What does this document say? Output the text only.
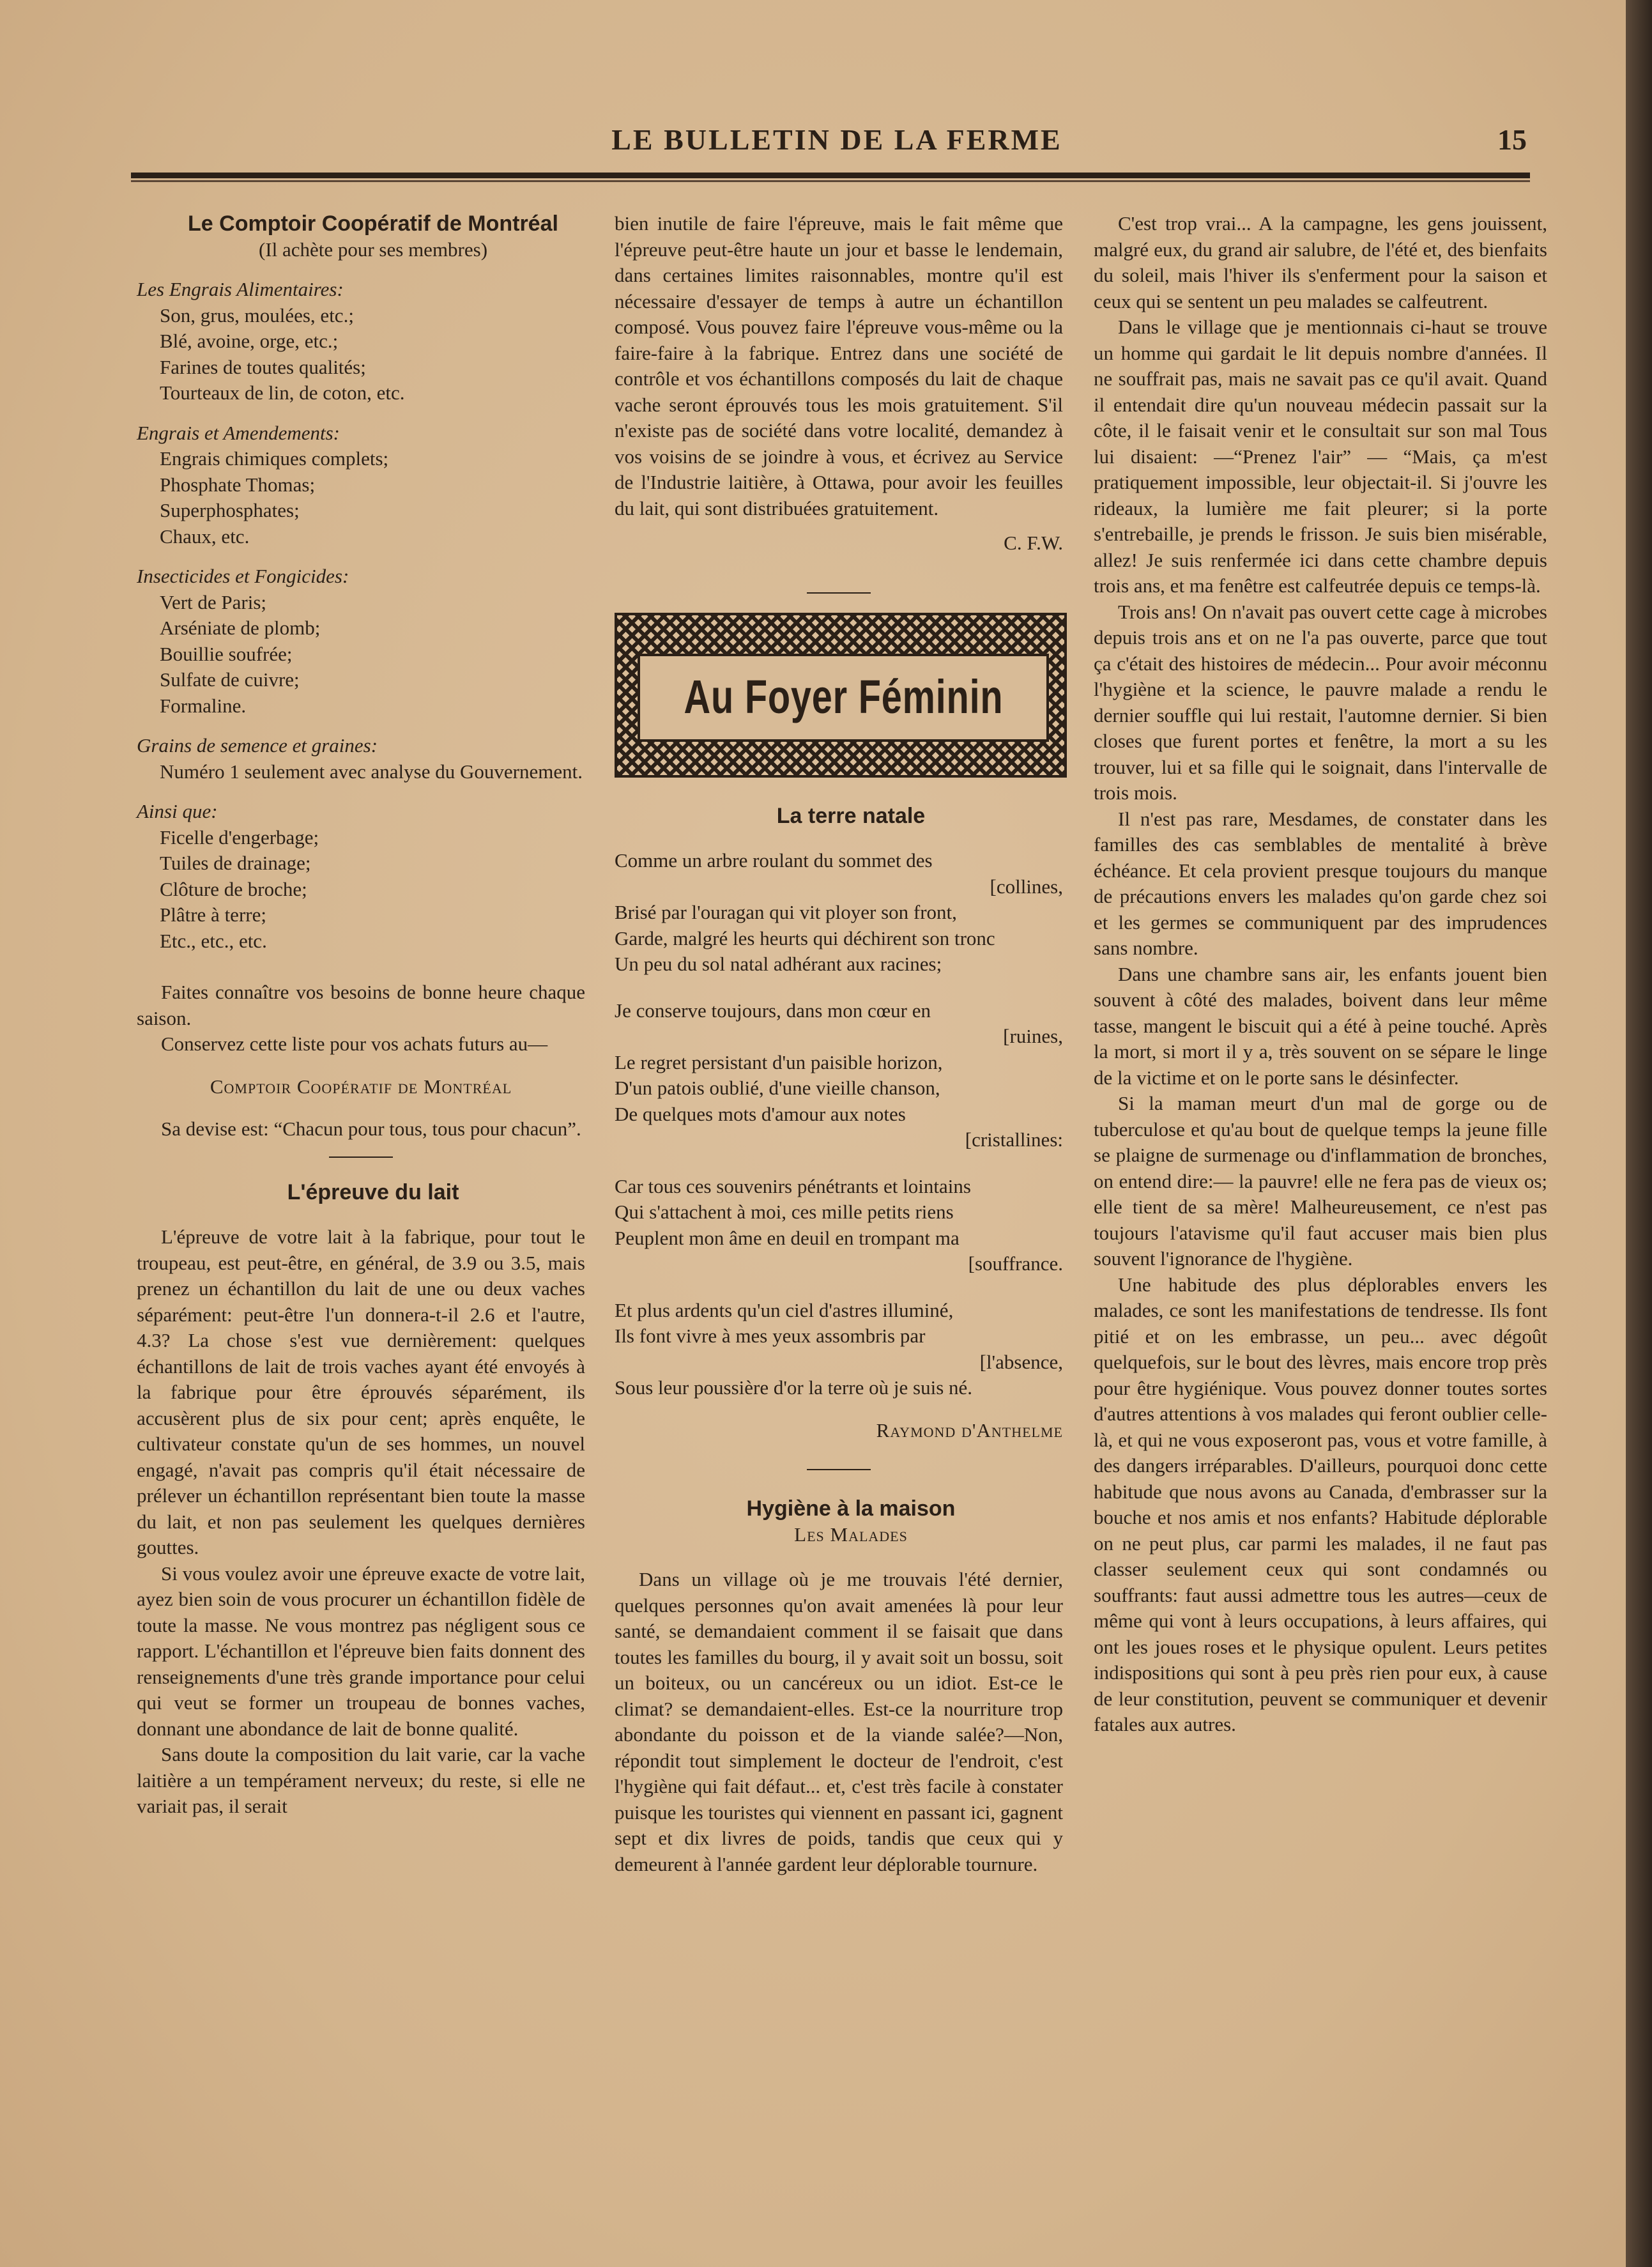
LE BULLETIN DE LA FERME	15

Le Comptoir Coopératif de Montréal

(Il achète pour ses membres)

Les Engrais Alimentaires:

Son, grus, moulées, etc.;

Blé, avoine, orge, etc.;

Farines de toutes qualités;

Tourteaux de lin, de coton, etc.

Engrais et Amendements:

Engrais chimiques complets;

Phosphate Thomas;

Superphosphates;

Chaux, etc.

Insecticides et Fongicides:

Vert de Paris;

Arséniate de plomb;

Bouillie soufrée;

Sulfate de cuivre;

Formaline.

Grains de semence et graines:

Numéro 1 seulement avec analyse du Gouvernement.

Ainsi que:

Ficelle d'engerbage;

Tuiles de drainage;

Clôture de broche;

Plâtre à terre;

Etc., etc., etc.

Faites connaître vos besoins de bonne heure chaque saison.

Conservez cette liste pour vos achats futurs au—

Comptoir Coopératif de Montréal

Sa devise est: “Chacun pour tous, tous pour chacun”.

L'épreuve du lait

L'épreuve de votre lait à la fabrique, pour tout le troupeau, est peut-être, en général, de 3.9 ou 3.5, mais prenez un échantillon du lait de une ou deux vaches séparément: peut-être l'un donnera-t-il 2.6 et l'autre, 4.3? La chose s'est vue dernièrement: quelques échantillons de lait de trois vaches ayant été envoyés à la fabrique pour être éprouvés séparément, ils accusèrent plus de six pour cent; après enquête, le cultivateur constate qu'un de ses hommes, un nouvel engagé, n'avait pas compris qu'il était nécessaire de prélever un échantillon représentant bien toute la masse du lait, et non pas seulement les quelques dernières gouttes.

Si vous voulez avoir une épreuve exacte de votre lait, ayez bien soin de vous procurer un échantillon fidèle de toute la masse. Ne vous montrez pas négligent sous ce rapport. L'échantillon et l'épreuve bien faits donnent des renseignements d'une très grande importance pour celui qui veut se former un troupeau de bonnes vaches, donnant une abondance de lait de bonne qualité.

Sans doute la composition du lait varie, car la vache laitière a un tempérament nerveux; du reste, si elle ne variait pas, il serait

bien inutile de faire l'épreuve, mais le fait même que l'épreuve peut-être haute un jour et basse le lendemain, dans certaines limites raisonnables, montre qu'il est nécessaire d'essayer de temps à autre un échantillon composé. Vous pouvez faire l'épreuve vous-même ou la faire-faire à la fabrique. Entrez dans une société de contrôle et vos échantillons composés du lait de chaque vache seront éprouvés tous les mois gratuitement. S'il n'existe pas de société dans votre localité, demandez à vos voisins de se joindre à vous, et écrivez au Service de l'Industrie laitière, à Ottawa, pour avoir les feuilles du lait, qui sont distribuées gratuitement.

C. F.W.

Au Foyer Féminin

La terre natale

Comme un arbre roulant du sommet des

[collines,

Brisé par l'ouragan qui vit ployer son front,

Garde, malgré les heurts qui déchirent son tronc

Un peu du sol natal adhérant aux racines;

Je conserve toujours, dans mon cœur en

[ruines,

Le regret persistant d'un paisible horizon,

D'un patois oublié, d'une vieille chanson,

De quelques mots d'amour aux notes

[cristallines:

Car tous ces souvenirs pénétrants et lointains

Qui s'attachent à moi, ces mille petits riens

Peuplent mon âme en deuil en trompant ma

[souffrance.

Et plus ardents qu'un ciel d'astres illuminé,

Ils font vivre à mes yeux assombris par

[l'absence,

Sous leur poussière d'or la terre où je suis né.

Raymond d'Anthelme

Hygiène à la maison

Les Malades

Dans un village où je me trouvais l'été dernier, quelques personnes qu'on avait amenées là pour leur santé, se demandaient comment il se faisait que dans toutes les familles du bourg, il y avait soit un bossu, soit un boiteux, ou un cancéreux ou un idiot. Est-ce le climat? se demandaient-elles. Est-ce la nourriture trop abondante du poisson et de la viande salée?—Non, répondit tout simplement le docteur de l'endroit, c'est l'hygiène qui fait défaut... et, c'est très facile à constater puisque les touristes qui viennent en passant ici, gagnent sept et dix livres de poids, tandis que ceux qui y demeurent à l'année gardent leur déplorable tournure.

C'est trop vrai... A la campagne, les gens jouissent, malgré eux, du grand air salubre, de l'été et, des bienfaits du soleil, mais l'hiver ils s'enferment pour la saison et ceux qui se sentent un peu malades se calfeutrent.

Dans le village que je mentionnais ci-haut se trouve un homme qui gardait le lit depuis nombre d'années. Il ne souffrait pas, mais ne savait pas ce qu'il avait. Quand il entendait dire qu'un nouveau médecin passait sur la côte, il le faisait venir et le consultait sur son mal Tous lui disaient: —“Prenez l'air” — “Mais, ça m'est pratiquement impossible, leur objectait-il. Si j'ouvre les rideaux, la lumière me fait pleurer; si la porte s'entrebaille, je prends le frisson. Je suis bien misérable, allez! Je suis renfermée ici dans cette chambre depuis trois ans, et ma fenêtre est calfeutrée depuis ce temps-là.

Trois ans! On n'avait pas ouvert cette cage à microbes depuis trois ans et on ne l'a pas ouverte, parce que tout ça c'était des histoires de médecin... Pour avoir méconnu l'hygiène et la science, le pauvre malade a rendu le dernier souffle qui lui restait, l'automne dernier. Si bien closes que furent portes et fenêtre, la mort a su les trouver, lui et sa fille qui le soignait, dans l'intervalle de trois mois.

Il n'est pas rare, Mesdames, de constater dans les familles des cas semblables de mentalité à brève échéance. Et cela provient presque toujours du manque de précautions envers les malades qu'on garde chez soi et les germes se communiquent par des imprudences sans nombre.

Dans une chambre sans air, les enfants jouent bien souvent à côté des malades, boivent dans leur même tasse, mangent le biscuit qui a été à peine touché. Après la mort, si mort il y a, très souvent on se sépare le linge de la victime et on le porte sans le désinfecter.

Si la maman meurt d'un mal de gorge ou de tuberculose et qu'au bout de quelque temps la jeune fille se plaigne de surmenage ou d'inflammation de bronches, on entend dire:— la pauvre! elle ne fera pas de vieux os; elle tient de sa mère! Malheureusement, ce n'est pas toujours l'atavisme qu'il faut accuser mais bien plus souvent l'ignorance de l'hygiène.

Une habitude des plus déplorables envers les malades, ce sont les manifestations de tendresse. Ils font pitié et on les embrasse, un peu... avec dégoût quelquefois, sur le bout des lèvres, mais encore trop près pour être hygiénique. Vous pouvez donner toutes sortes d'autres attentions à vos malades qui feront oublier celle-là, et qui ne vous exposeront pas, vous et votre famille, à des dangers irréparables. D'ailleurs, pourquoi donc cette habitude que nous avons au Canada, d'embrasser sur la bouche et nos amis et nos enfants? Habitude déplorable on ne peut plus, car parmi les malades, il ne faut pas classer seulement ceux qui sont condamnés ou souffrants: faut aussi admettre tous les autres—ceux de même qui vont à leurs occupations, à leurs affaires, qui ont les joues roses et le physique opulent. Leurs petites indispositions qui sont à peu près rien pour eux, à cause de leur constitution, peuvent se communiquer et devenir fatales aux autres.
